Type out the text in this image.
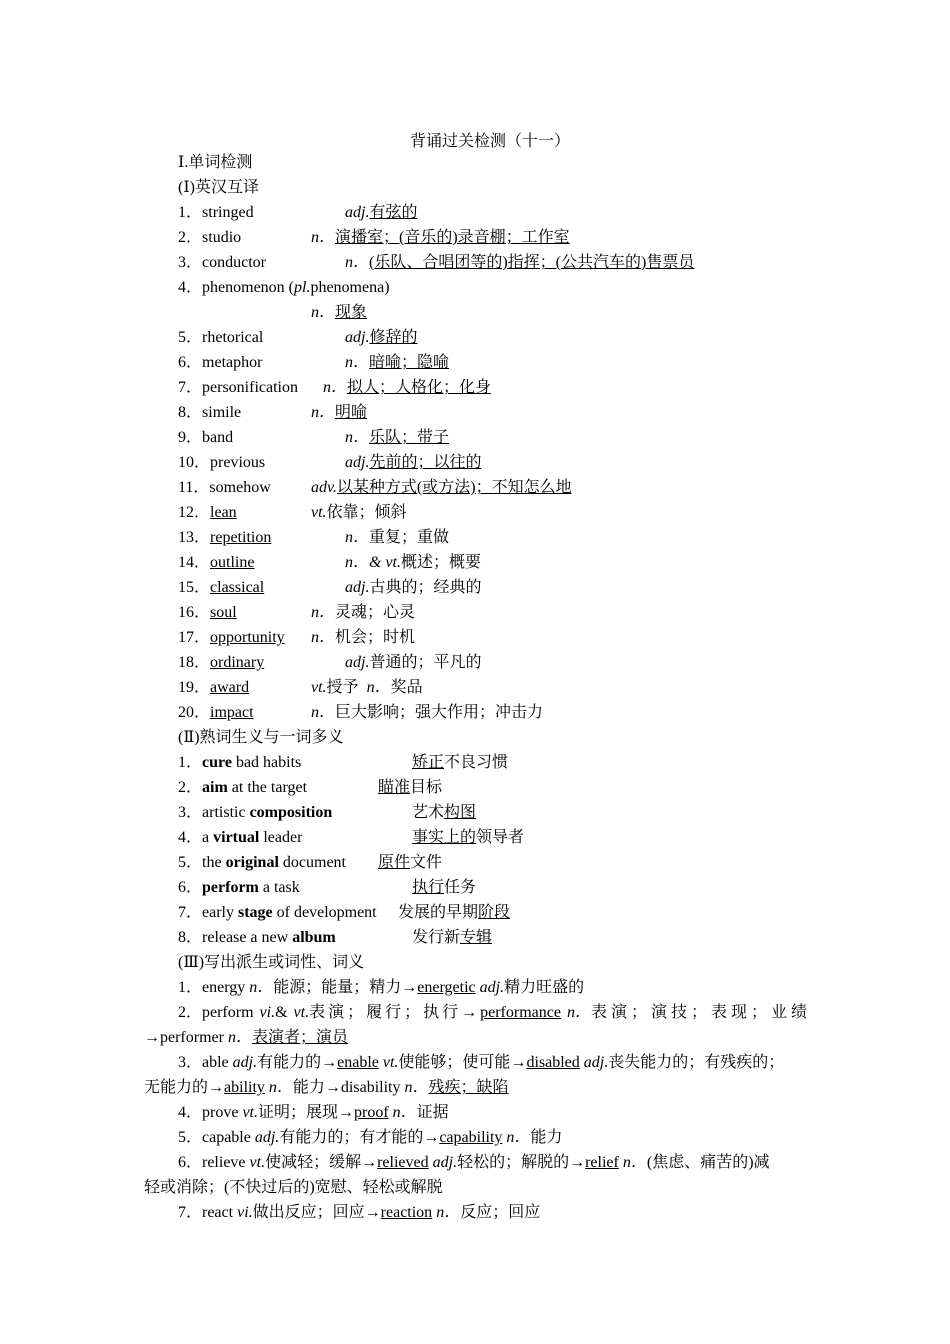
背诵过关检测（十一）
Ⅰ.单词检测
(Ⅰ)英汉互译
1．stringed	adj.有弦的
2．studio	n．演播室；(音乐的)录音棚；工作室
3．conductor	n．(乐队、合唱团等的)指挥；(公共汽车的)售票员
4．phenomenon (pl.phenomena)
n．现象
5．rhetorical	adj.修辞的
6．metaphor	n．暗喻；隐喻
7．personification n．拟人；人格化；化身
8．simile	n．明喻
9．band	n．乐队；带子
10．previous	adj.先前的；以往的
11．somehow	adv.以某种方式(或方法)；不知怎么地
12．lean	vt.依靠；倾斜
13．repetition	n．重复；重做
14．outline	n．& vt.概述；概要
15．classical	adj.古典的；经典的
16．soul	n．灵魂；心灵
17．opportunity n．机会；时机
18．ordinary	adj.普通的；平凡的
19．award	vt.授予 n．奖品
20．impact	n．巨大影响；强大作用；冲击力
(Ⅱ)熟词生义与一词多义
1．cure bad habits	矫正不良习惯
2．aim at the target	瞄准目标
3．artistic composition	艺术构图
4．a virtual leader	事实上的领导者
5．the original document 原件文件
6．perform a task	执行任务
7．early stage of development 发展的早期阶段
8．release a new album	发行新专辑
(Ⅲ)写出派生或词性、词义
1．energy n．能源；能量；精力→energetic adj.精力旺盛的
2．perform vi.& vt.表演；履行；执行→performance n．表演；演技；表现；业绩
→performer n．表演者；演员
3．able adj.有能力的→enable vt.使能够；使可能→disabled adj.丧失能力的；有残疾的；
无能力的→ability n．能力→disability n．残疾；缺陷
4．prove vt.证明；展现→proof n．证据
5．capable adj.有能力的；有才能的→capability n．能力
6．relieve vt.使减轻；缓解→relieved adj.轻松的；解脱的→relief n．(焦虑、痛苦的)减
轻或消除；(不快过后的)宽慰、轻松或解脱
7．react vi.做出反应；回应→reaction n．反应；回应
